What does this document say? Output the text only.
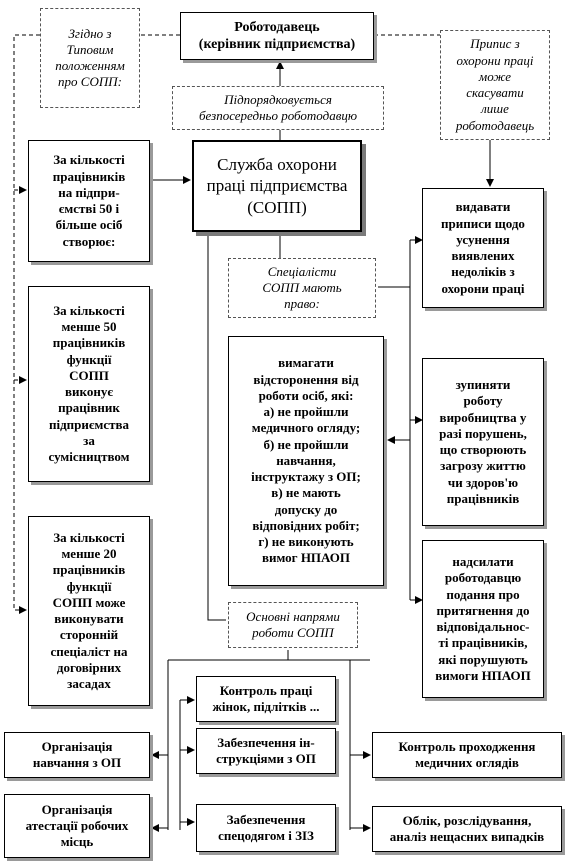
Роботодавець
(керівник підприємства)
Згідно з
Типовим
положенням
про СОПП:
Припис з
охорони праці
може
скасувати
лише
роботодавець
Підпорядковується
безпосередньо роботодавцю
Служба охорони
праці підприємства
(СОПП)
За кількості
працівників
на підпри-
ємстві 50 і
більше осіб
створює:
видавати
приписи щодо
усунення
виявлених
недоліків з
охорони праці
Спеціалісти
СОПП мають
право:
За кількості
менше 50
працівників
функції
СОПП
виконує
працівник
підприємства
за
сумісництвом
вимагати
відсторонення від
роботи осіб, які:
а) не пройшли
медичного огляду;
б) не пройшли
навчання,
інструктажу з ОП;
в) не мають
допуску до
відповідних робіт;
г) не виконують
вимог НПАОП
зупиняти
роботу
виробництва у
разі порушень,
що створюють
загрозу життю
чи здоров'ю
працівників
За кількості
менше 20
працівників
функції
СОПП може
виконувати
сторонній
спеціаліст на
договірних
засадах
надсилати
роботодавцю
подання про
притягнення до
відповідальнос-
ті працівників,
які порушують
вимоги НПАОП
Основні напрями
роботи СОПП
Контроль праці
жінок, підлітків ...
Організація
навчання з ОП
Забезпечення ін-
струкціями з ОП
Контроль проходження
медичних оглядів
Організація
атестації робочих
місць
Забезпечення
спецодягом і ЗІЗ
Облік, розслідування,
аналіз нещасних випадків
